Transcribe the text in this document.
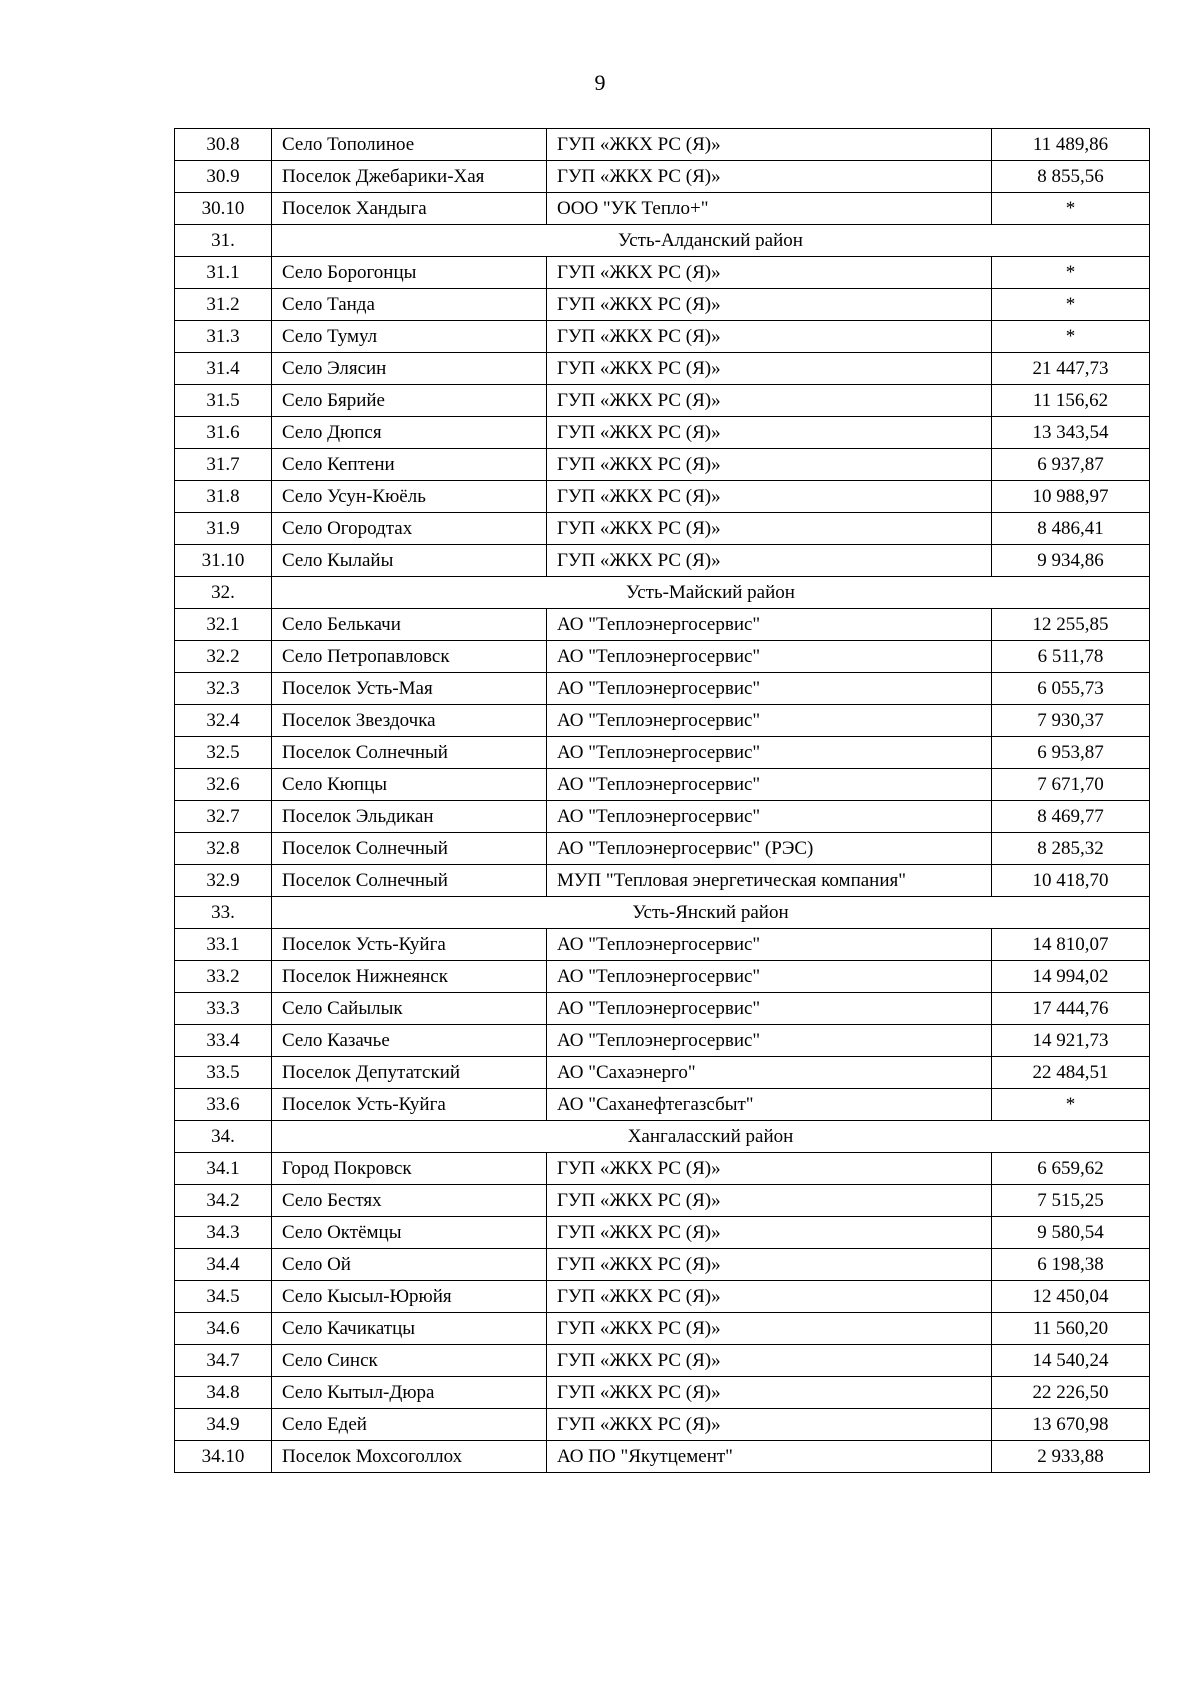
9
30.8	Село Тополиное	ГУП «ЖКХ РС (Я)»	11 489,86
30.9	Поселок Джебарики-Хая	ГУП «ЖКХ РС (Я)»	8 855,56
30.10	Поселок Хандыга	ООО "УК Тепло+"	*
31.	Усть-Алданский район		
31.1	Село Борогонцы	ГУП «ЖКХ РС (Я)»	*
31.2	Село Танда	ГУП «ЖКХ РС (Я)»	*
31.3	Село Тумул	ГУП «ЖКХ РС (Я)»	*
31.4	Село Элясин	ГУП «ЖКХ РС (Я)»	21 447,73
31.5	Село Бярийе	ГУП «ЖКХ РС (Я)»	11 156,62
31.6	Село Дюпся	ГУП «ЖКХ РС (Я)»	13 343,54
31.7	Село Кептени	ГУП «ЖКХ РС (Я)»	6 937,87
31.8	Село Усун-Кюёль	ГУП «ЖКХ РС (Я)»	10 988,97
31.9	Село Огородтах	ГУП «ЖКХ РС (Я)»	8 486,41
31.10	Село Кылайы	ГУП «ЖКХ РС (Я)»	9 934,86
32.	Усть-Майский район		
32.1	Село Белькачи	АО "Теплоэнергосервис"	12 255,85
32.2	Село Петропавловск	АО "Теплоэнергосервис"	6 511,78
32.3	Поселок Усть-Мая	АО "Теплоэнергосервис"	6 055,73
32.4	Поселок Звездочка	АО "Теплоэнергосервис"	7 930,37
32.5	Поселок Солнечный	АО "Теплоэнергосервис"	6 953,87
32.6	Село Кюпцы	АО "Теплоэнергосервис"	7 671,70
32.7	Поселок Эльдикан	АО "Теплоэнергосервис"	8 469,77
32.8	Поселок Солнечный	АО "Теплоэнергосервис" (РЭС)	8 285,32
32.9	Поселок Солнечный	МУП "Тепловая энергетическая компания"	10 418,70
33.	Усть-Янский район		
33.1	Поселок Усть-Куйга	АО "Теплоэнергосервис"	14 810,07
33.2	Поселок Нижнеянск	АО "Теплоэнергосервис"	14 994,02
33.3	Село Сайылык	АО "Теплоэнергосервис"	17 444,76
33.4	Село Казачье	АО "Теплоэнергосервис"	14 921,73
33.5	Поселок Депутатский	АО "Сахаэнерго"	22 484,51
33.6	Поселок Усть-Куйга	АО "Саханефтегазсбыт"	*
34.	Хангаласский район		
34.1	Город Покровск	ГУП «ЖКХ РС (Я)»	6 659,62
34.2	Село Бестях	ГУП «ЖКХ РС (Я)»	7 515,25
34.3	Село Октёмцы	ГУП «ЖКХ РС (Я)»	9 580,54
34.4	Село Ой	ГУП «ЖКХ РС (Я)»	6 198,38
34.5	Село Кысыл-Юрюйя	ГУП «ЖКХ РС (Я)»	12 450,04
34.6	Село Качикатцы	ГУП «ЖКХ РС (Я)»	11 560,20
34.7	Село Синск	ГУП «ЖКХ РС (Я)»	14 540,24
34.8	Село Кытыл-Дюра	ГУП «ЖКХ РС (Я)»	22 226,50
34.9	Село Едей	ГУП «ЖКХ РС (Я)»	13 670,98
34.10	Поселок Мохсоголлох	АО ПО "Якутцемент"	2 933,88
